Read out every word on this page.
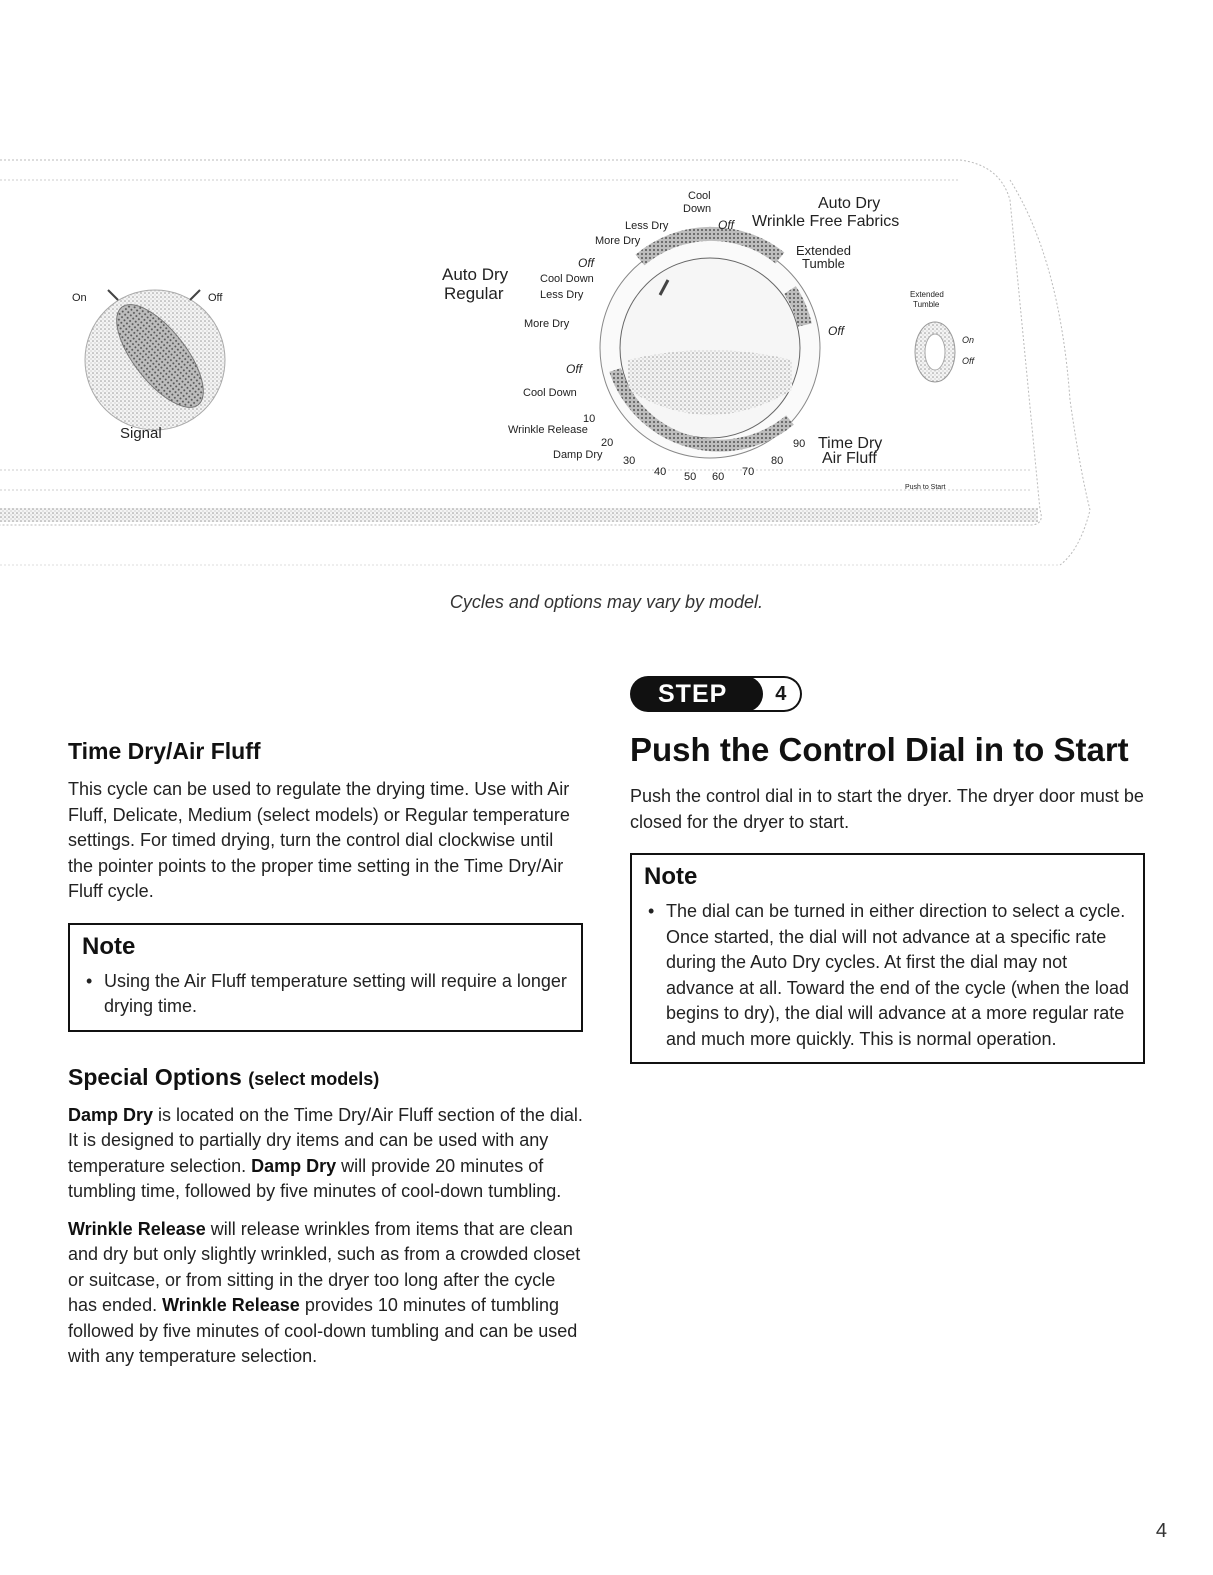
On	Off
Signal
Cool
Down
Less Dry	Off
More Dry
Auto Dry
Wrinkle Free Fabrics
Extended
Tumble
Auto Dry
Regular
Off
Cool Down
Less Dry
More Dry
Off
Cool Down
Wrinkle Release
Damp Dry
10
20
30
40 50 60 70
80
90 Time Dry
Air Fluff
Off
Extended
Tumble
On
Off
Push to Start
Cycles and options may vary by model.
Time Dry/Air Fluff

This cycle can be used to regulate the drying time. Use with Air Fluff, Delicate, Medium (select models) or Regular temperature settings. For timed drying, turn the control dial clockwise until the pointer points to the proper time setting in the Time Dry/Air Fluff cycle.

Note
• Using the Air Fluff temperature setting will require a longer drying time.
Special Options (select models)

Damp Dry is located on the Time Dry/Air Fluff section of the dial. It is designed to partially dry items and can be used with any temperature selection. Damp Dry will provide 20 minutes of tumbling time, followed by five minutes of cool-down tumbling.

Wrinkle Release will release wrinkles from items that are clean and dry but only slightly wrinkled, such as from a crowded closet or suitcase, or from sitting in the dryer too long after the cycle has ended. Wrinkle Release provides 10 minutes of tumbling followed by five minutes of cool-down tumbling and can be used with any temperature selection.

STEP	4
Push the Control Dial in to Start

Push the control dial in to start the dryer. The dryer door must be closed for the dryer to start.

Note
• The dial can be turned in either direction to select a cycle. Once started, the dial will not advance at a specific rate during the Auto Dry cycles. At first the dial may not advance at all. Toward the end of the cycle (when the load begins to dry), the dial will advance at a more regular rate and much more quickly. This is normal operation.
4
